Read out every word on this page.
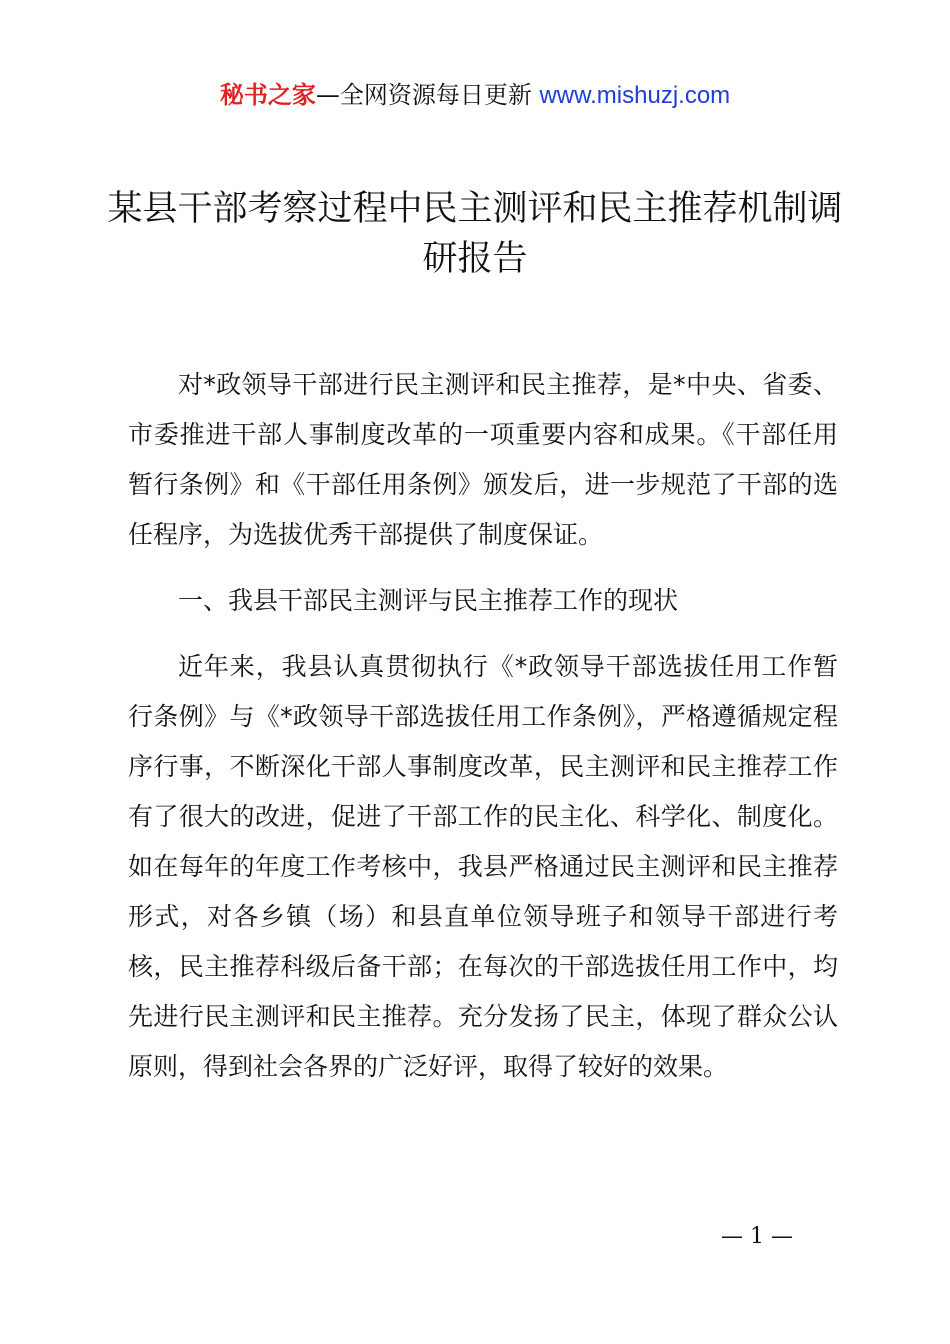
秘书之家—全网资源每日更新 www.mishuzj.com
某县干部考察过程中民主测评和民主推荐机制调研报告

对*政领导干部进行民主测评和民主推荐，是*中央、省委、市委推进干部人事制度改革的一项重要内容和成果。《干部任用暂行条例》和《干部任用条例》颁发后，进一步规范了干部的选任程序，为选拔优秀干部提供了制度保证。

一、我县干部民主测评与民主推荐工作的现状

近年来，我县认真贯彻执行《*政领导干部选拔任用工作暂行条例》与《*政领导干部选拔任用工作条例》，严格遵循规定程序行事，不断深化干部人事制度改革，民主测评和民主推荐工作有了很大的改进，促进了干部工作的民主化、科学化、制度化。如在每年的年度工作考核中，我县严格通过民主测评和民主推荐形式，对各乡镇（场）和县直单位领导班子和领导干部进行考核，民主推荐科级后备干部；在每次的干部选拔任用工作中，均先进行民主测评和民主推荐。充分发扬了民主，体现了群众公认原则，得到社会各界的广泛好评，取得了较好的效果。

— 1 —
